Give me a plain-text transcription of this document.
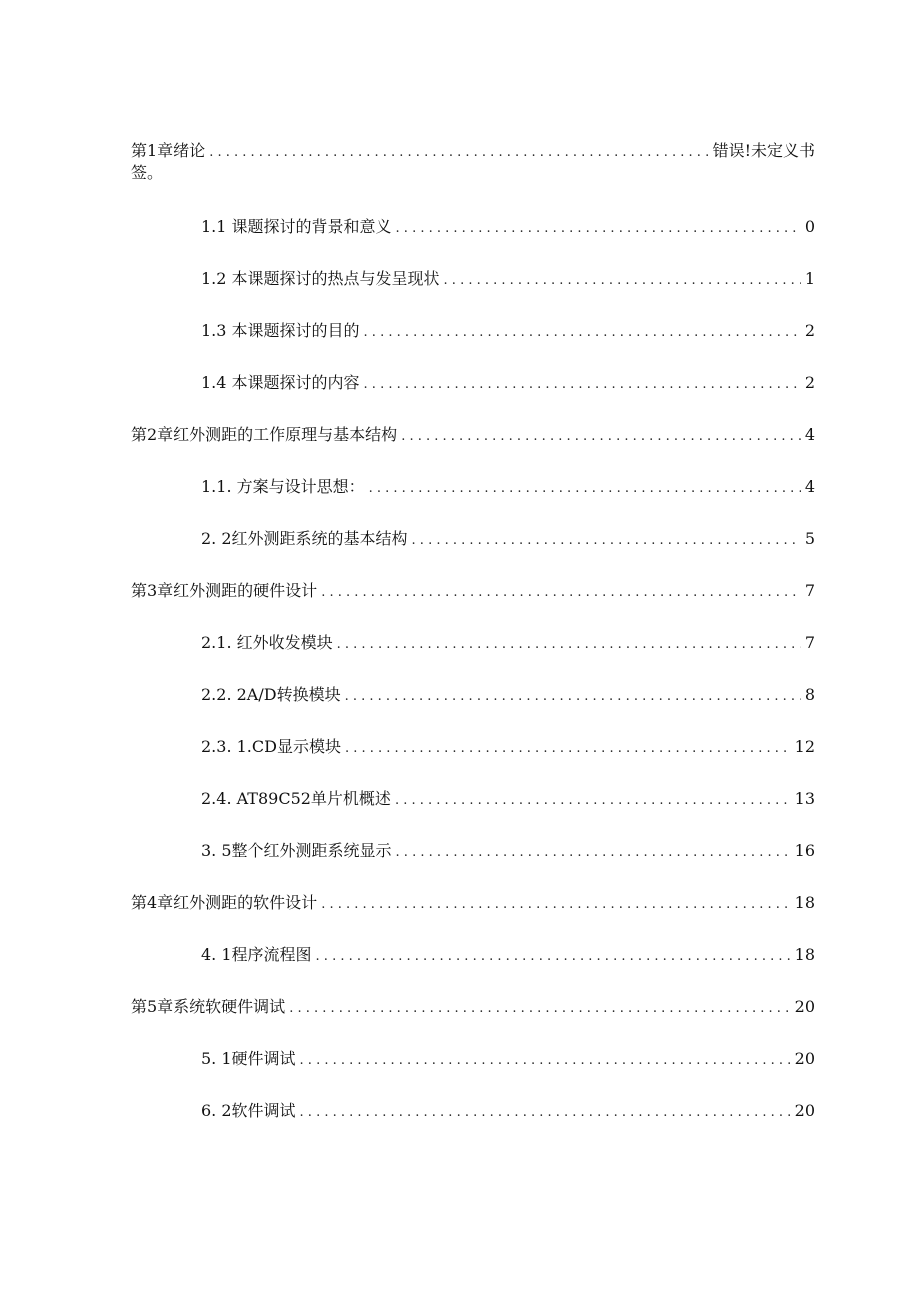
第1章绪论 . . .	错误!未定义书
签。
1.1 课题探讨的背景和意义 . . .	0
1.2 本课题探讨的热点与发呈现状 . . .	1
1.3 本课题探讨的目的 . . .	2
1.4 本课题探讨的内容 . . .	2
第2章红外测距的工作原理与基本结构 . . .	4
1.1. 方案与设计思想： . . .	4
2. 2红外测距系统的基本结构 . . .	5
第3章红外测距的硬件设计 . . .	7
2.1. 红外收发模块 . . .	7
2.2. 2A/D转换模块 . . .	8
2.3. 1.CD显示模块 . . .	12
2.4. AT89C52单片机概述 . . .	13
3. 5整个红外测距系统显示 . . .	16
第4章红外测距的软件设计 . . .	18
4. 1程序流程图 . . .	18
第5章系统软硬件调试 . . .	20
5. 1硬件调试 . . .	20
6. 2软件调试 . . .	20
